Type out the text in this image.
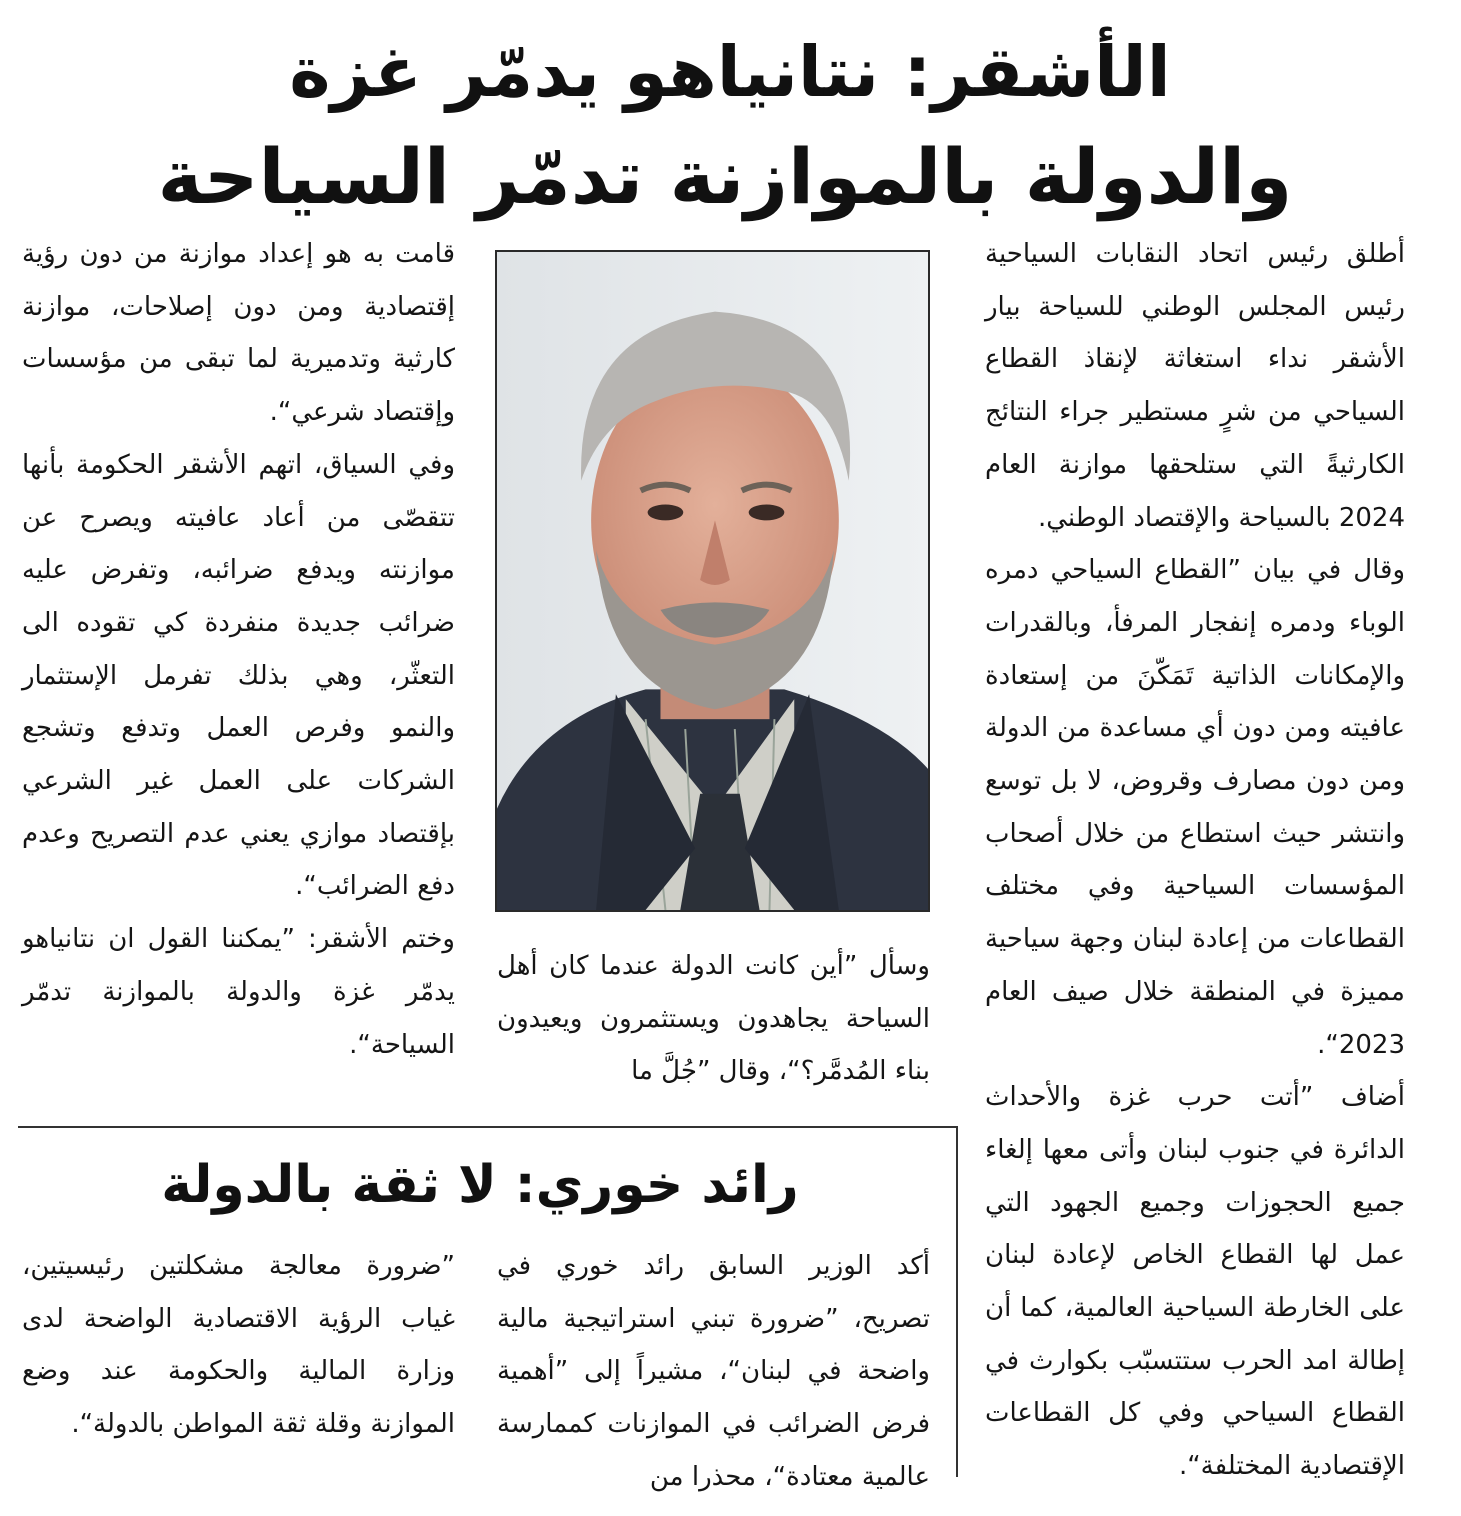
الأشقر: نتانياهو يدمّر غزة
والدولة بالموازنة تدمّر السياحة

أطلق رئيس اتحاد النقابات السياحية رئيس المجلس الوطني للسياحة بيار الأشقر نداء استغاثة لإنقاذ القطاع السياحي من شرٍ مستطير جراء النتائج الكارثيةً التي ستلحقها موازنة العام 2024 بالسياحة والإقتصاد الوطني.

وقال في بيان ”القطاع السياحي دمره الوباء ودمره إنفجار المرفأ، وبالقدرات والإمكانات الذاتية تَمَكّنَ من إستعادة عافيته ومن دون أي مساعدة من الدولة ومن دون مصارف وقروض، لا بل توسع وانتشر حيث استطاع من خلال أصحاب المؤسسات السياحية وفي مختلف القطاعات من إعادة لبنان وجهة سياحية مميزة في المنطقة خلال صيف العام 2023“.

أضاف ”أتت حرب غزة والأحداث الدائرة في جنوب لبنان وأتى معها إلغاء جميع الحجوزات وجميع الجهود التي عمل لها القطاع الخاص لإعادة لبنان على الخارطة السياحية العالمية، كما أن إطالة امد الحرب ستتسبّب بكوارث في القطاع السياحي وفي كل القطاعات الإقتصادية المختلفة“.

وسأل ”أين كانت الدولة عندما كان أهل السياحة يجاهدون ويستثمرون ويعيدون بناء المُدمَّر؟“، وقال ”جُلَّ ما

قامت به هو إعداد موازنة من دون رؤية إقتصادية ومن دون إصلاحات، موازنة كارثية وتدميرية لما تبقى من مؤسسات وإقتصاد شرعي“.

وفي السياق، اتهم الأشقر الحكومة بأنها تتقصّى من أعاد عافيته ويصرح عن موازنته ويدفع ضرائبه، وتفرض عليه ضرائب جديدة منفردة كي تقوده الى التعثّر، وهي بذلك تفرمل الإستثمار والنمو وفرص العمل وتدفع وتشجع الشركات على العمل غير الشرعي بإقتصاد موازي يعني عدم التصريح وعدم دفع الضرائب“.

وختم الأشقر: ”يمكننا القول ان نتانياهو يدمّر غزة والدولة بالموازنة تدمّر السياحة“.

رائد خوري: لا ثقة بالدولة

أكد الوزير السابق رائد خوري في تصريح، ”ضرورة تبني استراتيجية مالية واضحة في لبنان“، مشيراً إلى ”أهمية فرض الضرائب في الموازنات كممارسة عالمية معتادة“، محذرا من

”ضرورة معالجة مشكلتين رئيسيتين، غياب الرؤية الاقتصادية الواضحة لدى وزارة المالية والحكومة عند وضع الموازنة وقلة ثقة المواطن بالدولة“.
